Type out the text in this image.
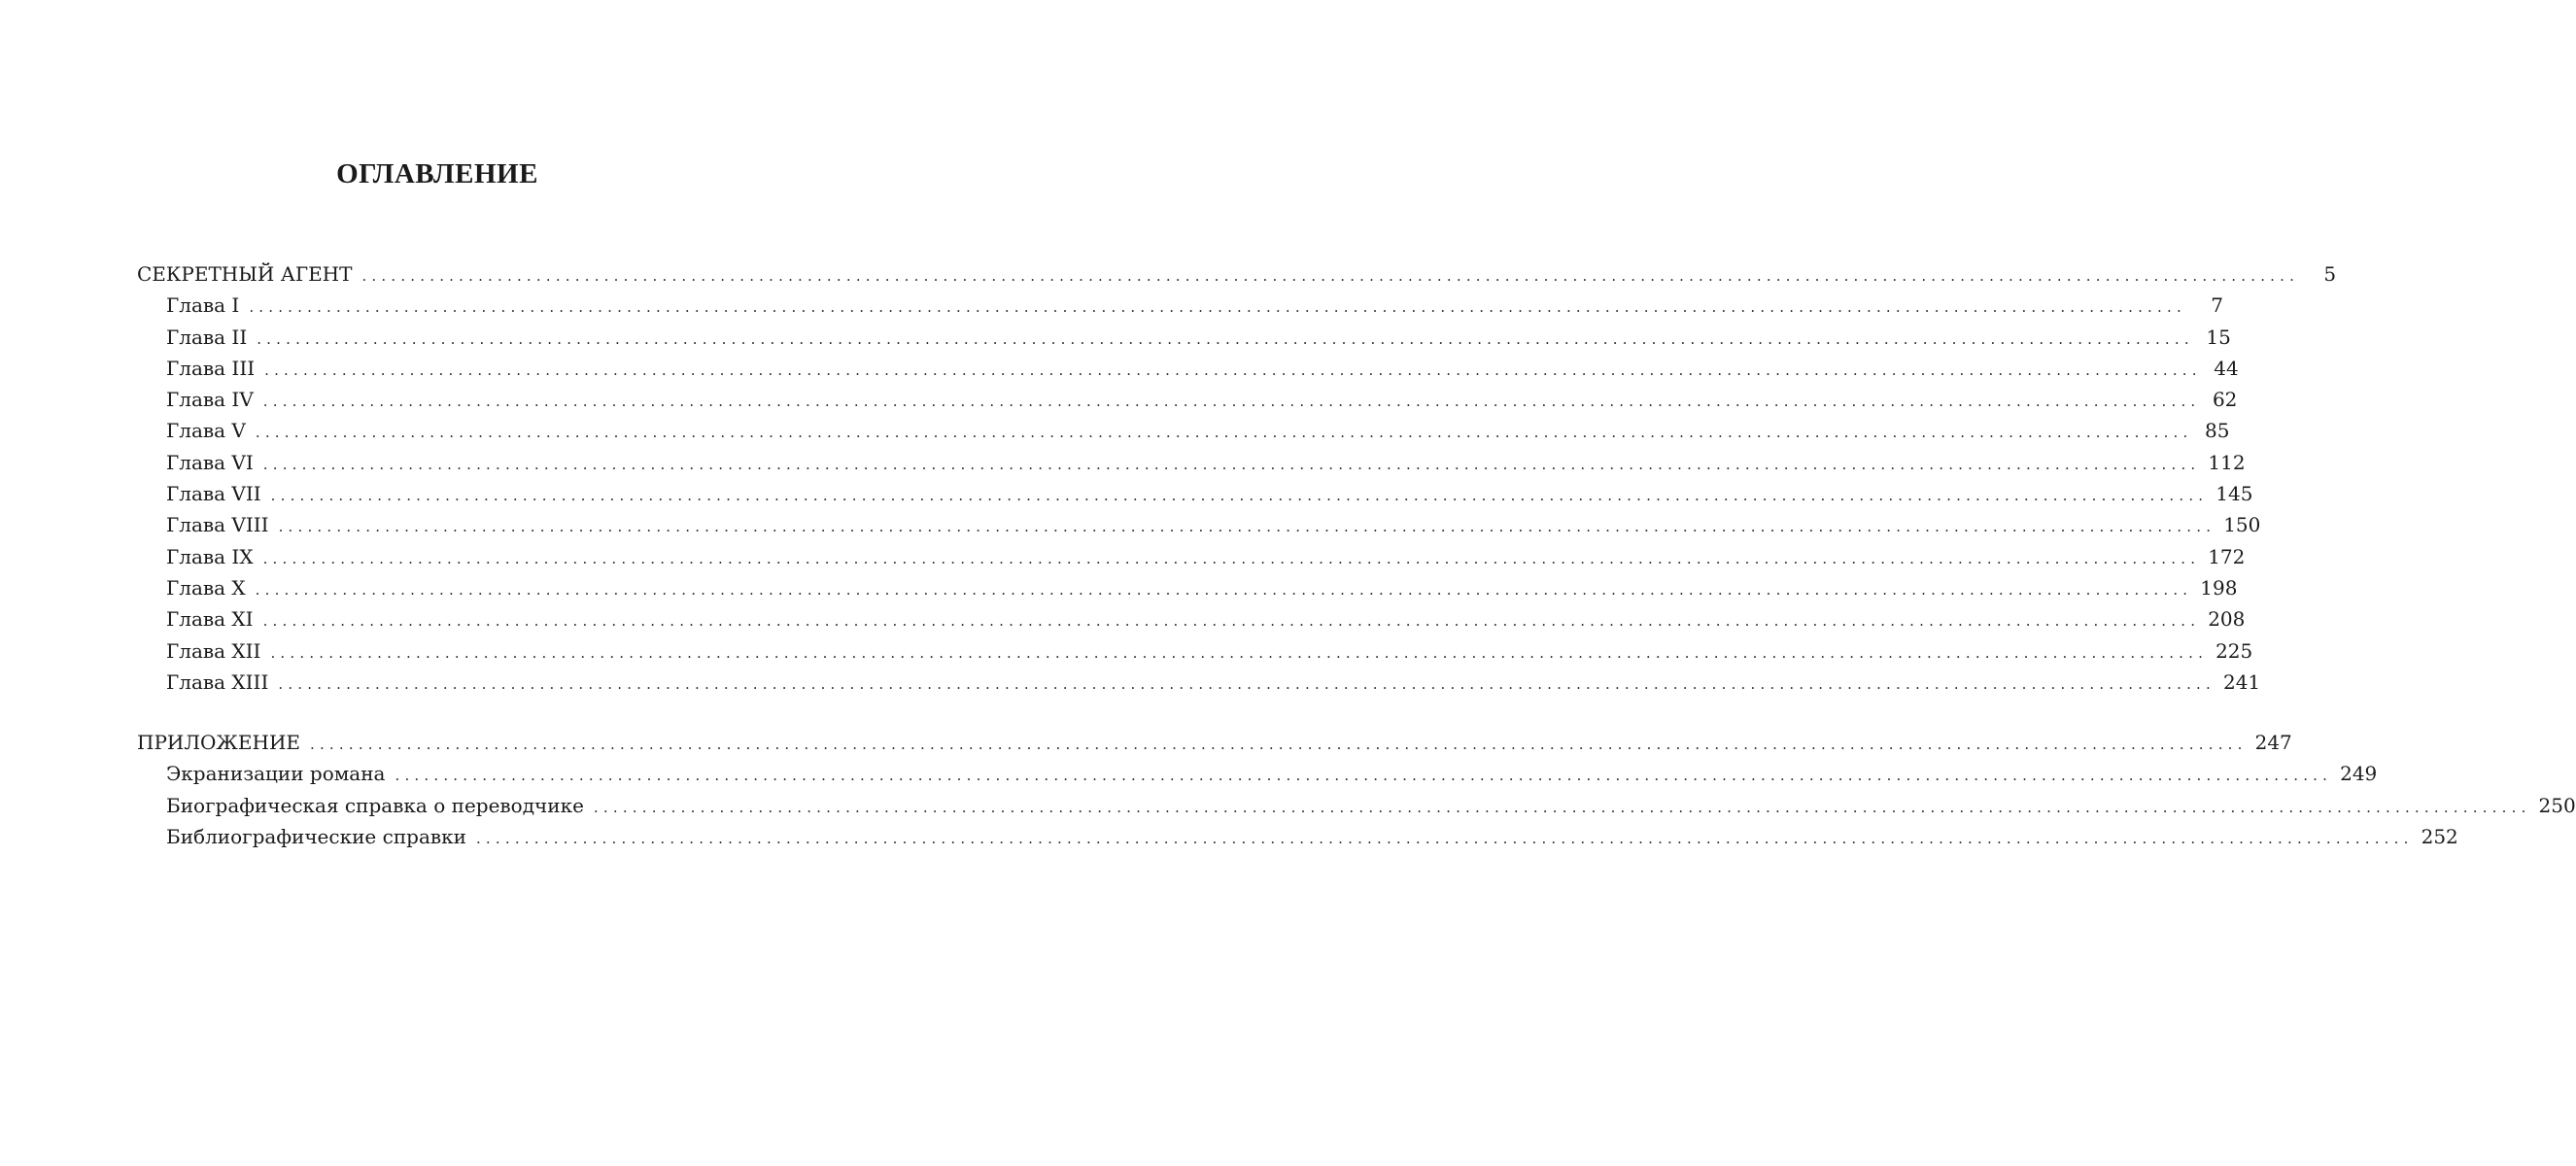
ОГЛАВЛЕНИЕ
СЕКРЕТНЫЙ АГЕНТ ........................................................................................................................................................................................................	5
Глава I ........................................................................................................................................................................................................	7
Глава II ........................................................................................................................................................................................................ 15
Глава III ........................................................................................................................................................................................................ 44
Глава IV ........................................................................................................................................................................................................ 62
Глава V ........................................................................................................................................................................................................ 85
Глава VI ........................................................................................................................................................................................................ 112
Глава VII ........................................................................................................................................................................................................ 145
Глава VIII ........................................................................................................................................................................................................ 150
Глава IX ........................................................................................................................................................................................................ 172
Глава X ........................................................................................................................................................................................................ 198
Глава XI ........................................................................................................................................................................................................ 208
Глава XII ........................................................................................................................................................................................................ 225
Глава XIII ........................................................................................................................................................................................................ 241
ПРИЛОЖЕНИЕ ........................................................................................................................................................................................................ 247
Экранизации романа ........................................................................................................................................................................................................ 249
Биографическая справка о переводчике ........................................................................................................................................................................................................ 250
Библиографические справки ........................................................................................................................................................................................................ 252
